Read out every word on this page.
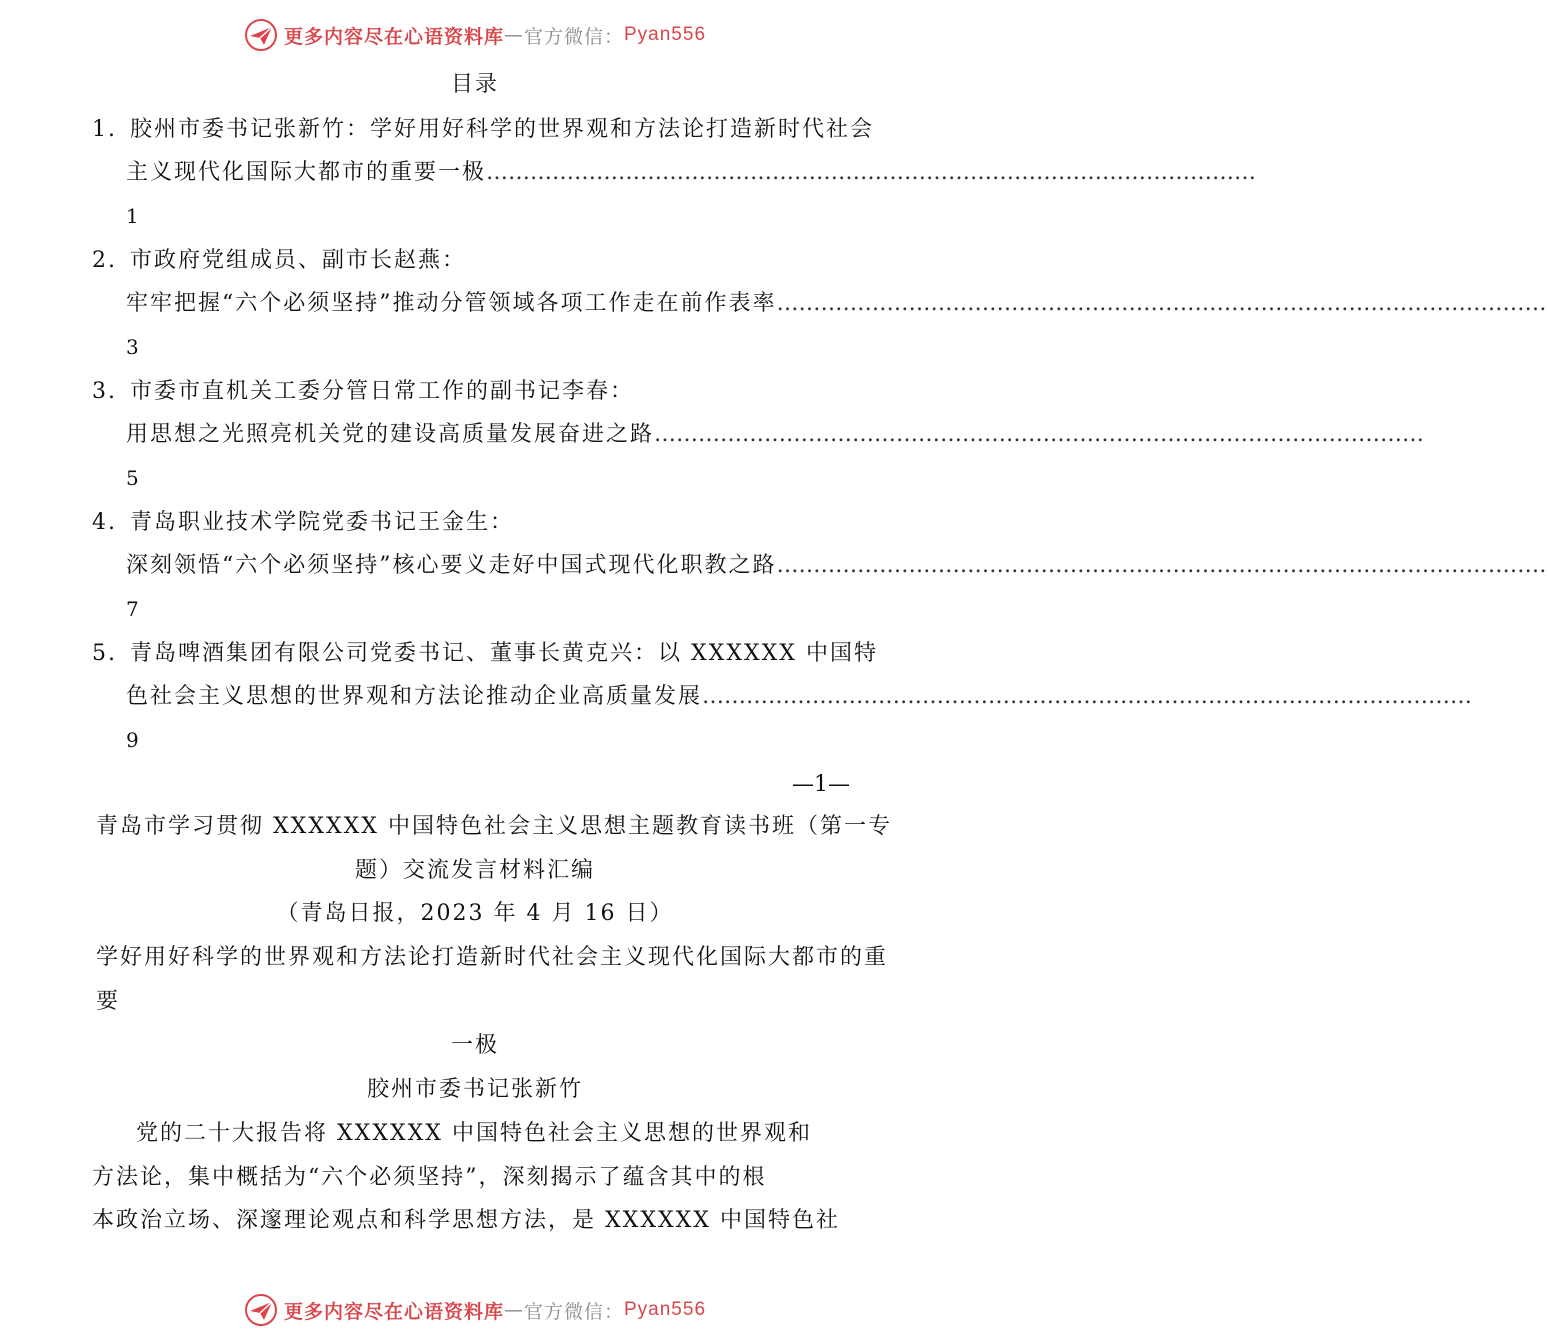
更多内容尽在心语资料库 — 官方微信： Pyan556
目录
1. 胶州市委书记张新竹：学好用好科学的世界观和方法论打造新时代社会
主义现代化国际大都市的重要一极……………………………………………………………………………………………
1
2. 市政府党组成员、副市长赵燕：
牢牢把握“六个必须坚持”推动分管领域各项工作走在前作表率……………………………………………………………………………………………
3
3. 市委市直机关工委分管日常工作的副书记李春：
用思想之光照亮机关党的建设高质量发展奋进之路……………………………………………………………………………………………
5
4. 青岛职业技术学院党委书记王金生：
深刻领悟“六个必须坚持”核心要义走好中国式现代化职教之路……………………………………………………………………………………………
7
5. 青岛啤酒集团有限公司党委书记、董事长黄克兴：以 XXXXXX 中国特
色社会主义思想的世界观和方法论推动企业高质量发展……………………………………………………………………………………………
9
—1—
青岛市学习贯彻 XXXXXX 中国特色社会主义思想主题教育读书班（第一专
题）交流发言材料汇编
（青岛日报，2023 年 4 月 16 日）
学好用好科学的世界观和方法论打造新时代社会主义现代化国际大都市的重
要
一极
胶州市委书记张新竹
党的二十大报告将 XXXXXX 中国特色社会主义思想的世界观和
方法论，集中概括为“六个必须坚持”，深刻揭示了蕴含其中的根
本政治立场、深邃理论观点和科学思想方法，是 XXXXXX 中国特色社
更多内容尽在心语资料库 — 官方微信： Pyan556
